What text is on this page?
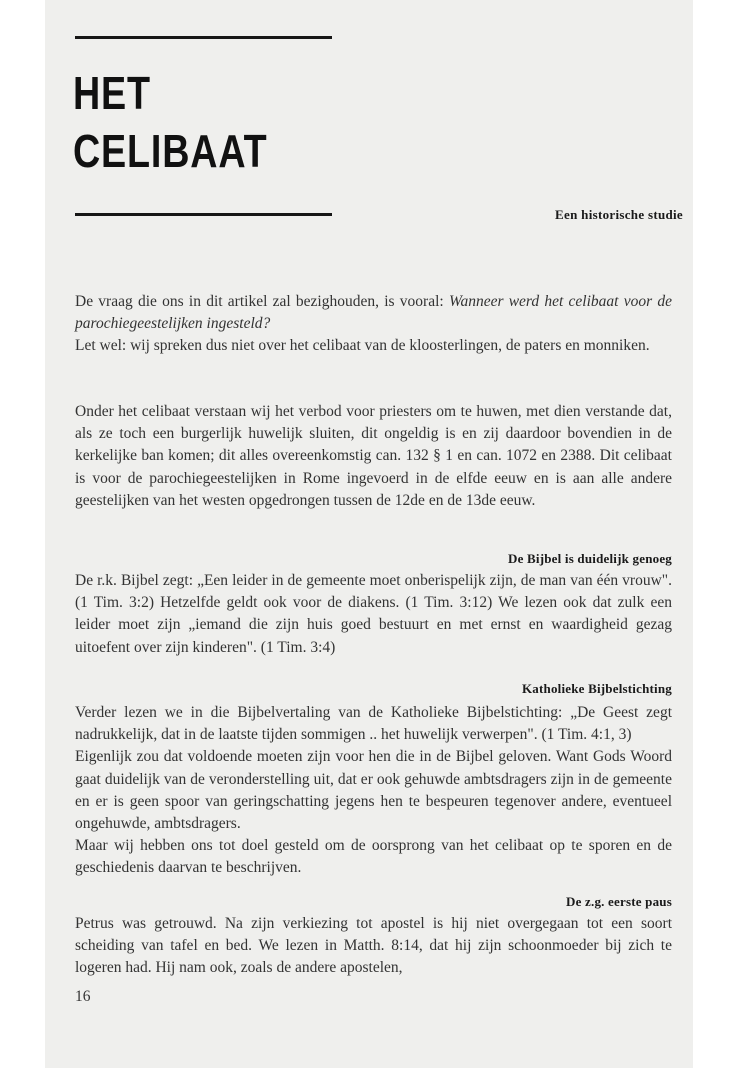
HET
CELIBAAT
Een historische studie

De vraag die ons in dit artikel zal bezighouden, is vooral: Wanneer werd het celibaat voor de parochiegeestelijken ingesteld?

Let wel: wij spreken dus niet over het celibaat van de kloosterlingen, de paters en monniken.

Onder het celibaat verstaan wij het verbod voor priesters om te huwen, met dien verstande dat, als ze toch een burgerlijk huwelijk sluiten, dit ongeldig is en zij daardoor bovendien in de kerkelijke ban komen; dit alles overeenkomstig can. 132 § 1 en can. 1072 en 2388. Dit celibaat is voor de parochiegeestelijken in Rome ingevoerd in de elfde eeuw en is aan alle andere geestelijken van het westen opgedrongen tussen de 12de en de 13de eeuw.

De Bijbel is duidelijk genoeg

De r.k. Bijbel zegt: „Een leider in de gemeente moet onberispelijk zijn, de man van één vrouw". (1 Tim. 3:2) Hetzelfde geldt ook voor de diakens. (1 Tim. 3:12) We lezen ook dat zulk een leider moet zijn „iemand die zijn huis goed bestuurt en met ernst en waardigheid gezag uitoefent over zijn kinderen". (1 Tim. 3:4)

Katholieke Bijbelstichting

Verder lezen we in die Bijbelvertaling van de Katholieke Bijbelstichting: „De Geest zegt nadrukkelijk, dat in de laatste tijden sommigen .. het huwelijk verwerpen". (1 Tim. 4:1, 3)

Eigenlijk zou dat voldoende moeten zijn voor hen die in de Bijbel geloven. Want Gods Woord gaat duidelijk van de veronderstelling uit, dat er ook gehuwde ambtsdragers zijn in de gemeente en er is geen spoor van geringschatting jegens hen te bespeuren tegenover andere, eventueel ongehuwde, ambtsdragers.

Maar wij hebben ons tot doel gesteld om de oorsprong van het celibaat op te sporen en de geschiedenis daarvan te beschrijven.

De z.g. eerste paus

Petrus was getrouwd. Na zijn verkiezing tot apostel is hij niet overgegaan tot een soort scheiding van tafel en bed. We lezen in Matth. 8:14, dat hij zijn schoonmoeder bij zich te logeren had. Hij nam ook, zoals de andere apostelen,

16
